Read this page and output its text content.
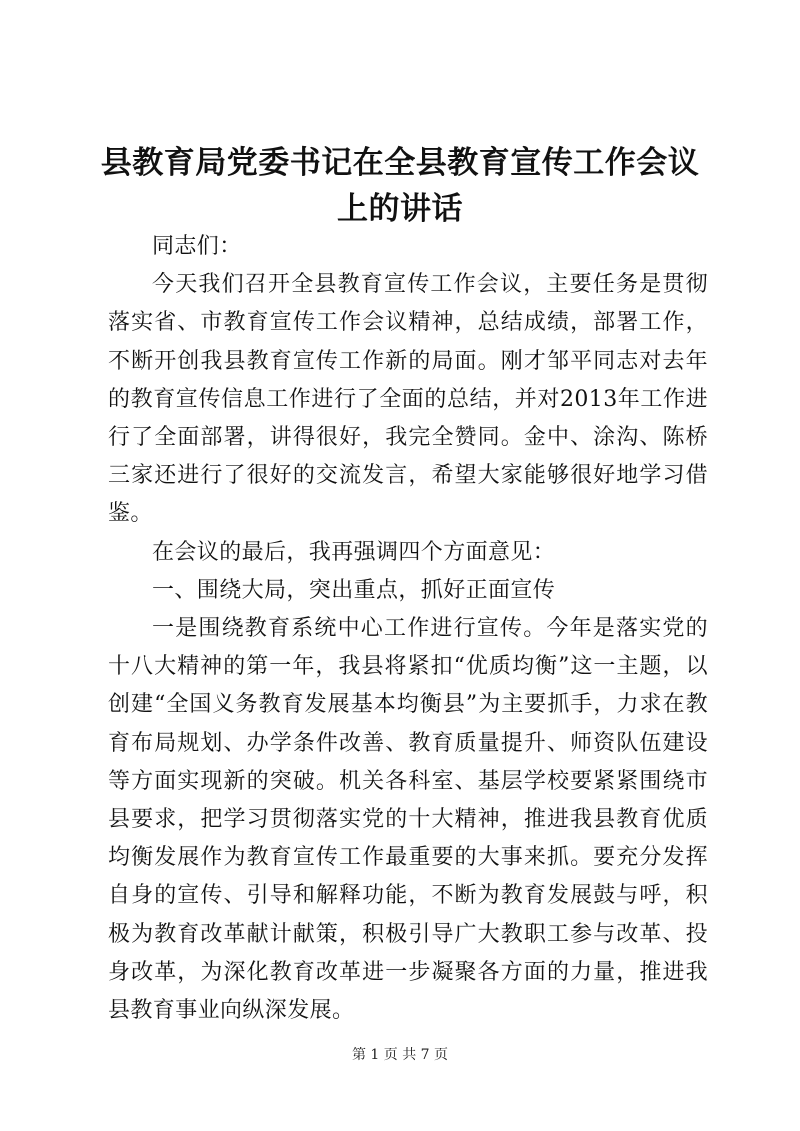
县教育局党委书记在全县教育宣传工作会议上的讲话

同志们：

今天我们召开全县教育宣传工作会议，主要任务是贯彻落实省、市教育宣传工作会议精神，总结成绩，部署工作，不断开创我县教育宣传工作新的局面。刚才邹平同志对去年的教育宣传信息工作进行了全面的总结，并对2013年工作进行了全面部署，讲得很好，我完全赞同。金中、涂沟、陈桥三家还进行了很好的交流发言，希望大家能够很好地学习借鉴。

在会议的最后，我再强调四个方面意见：

一、围绕大局，突出重点，抓好正面宣传

一是围绕教育系统中心工作进行宣传。今年是落实党的十八大精神的第一年，我县将紧扣“优质均衡”这一主题，以创建“全国义务教育发展基本均衡县”为主要抓手，力求在教育布局规划、办学条件改善、教育质量提升、师资队伍建设等方面实现新的突破。机关各科室、基层学校要紧紧围绕市县要求，把学习贯彻落实党的十大精神，推进我县教育优质均衡发展作为教育宣传工作最重要的大事来抓。要充分发挥自身的宣传、引导和解释功能，不断为教育发展鼓与呼，积极为教育改革献计献策，积极引导广大教职工参与改革、投身改革，为深化教育改革进一步凝聚各方面的力量，推进我县教育事业向纵深发展。

第 1 页 共 7 页
